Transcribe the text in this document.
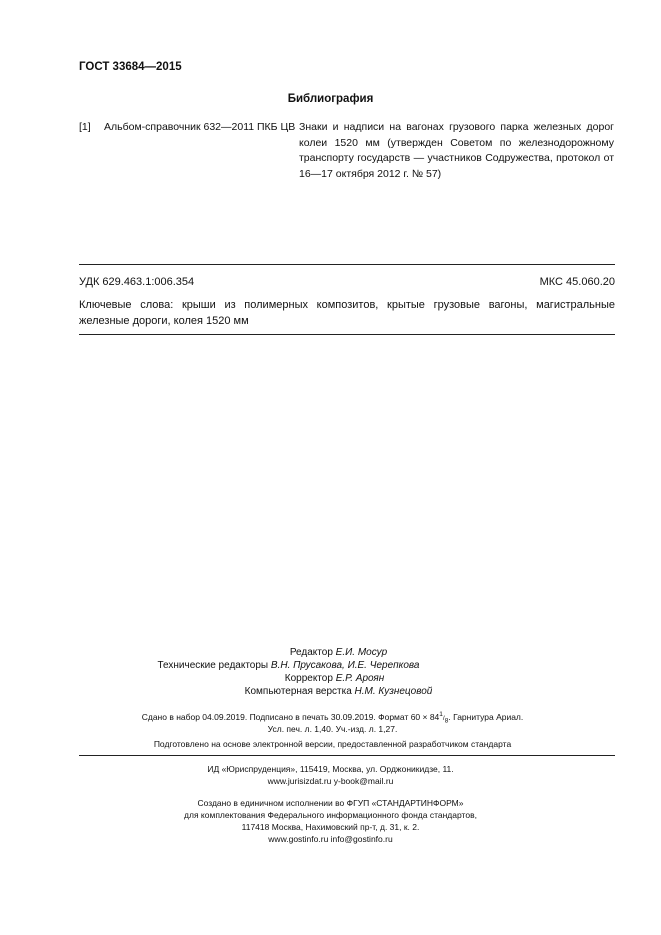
ГОСТ 33684—2015
Библиография
[1] Альбом-справочник 632—2011 ПКБ ЦВ Знаки и надписи на вагонах грузового парка железных дорог колеи 1520 мм (утвержден Советом по железнодорожному транспорту государств — участников Содружества, протокол от 16—17 октября 2012 г. № 57)
УДК 629.463.1:006.354	МКС 45.060.20
Ключевые слова: крыши из полимерных композитов, крытые грузовые вагоны, магистральные железные дороги, колея 1520 мм
Редактор Е.И. Мосур
Технические редакторы В.Н. Прусакова, И.Е. Черепкова
Корректор Е.Р. Ароян
Компьютерная верстка Н.М. Кузнецовой
Сдано в набор 04.09.2019. Подписано в печать 30.09.2019. Формат $60 \times 84^1/_8$. Гарнитура Ариал.
Усл. печ. л. 1,40. Уч.-изд. л. 1,27.
Подготовлено на основе электронной версии, предоставленной разработчиком стандарта
ИД «Юриспруденция», 115419, Москва, ул. Орджоникидзе, 11.
www.jurisizdat.ru y-book@mail.ru
Создано в единичном исполнении во ФГУП «СТАНДАРТИНФОРМ»
для комплектования Федерального информационного фонда стандартов,
117418 Москва, Нахимовский пр-т, д. 31, к. 2.
www.gostinfo.ru info@gostinfo.ru
